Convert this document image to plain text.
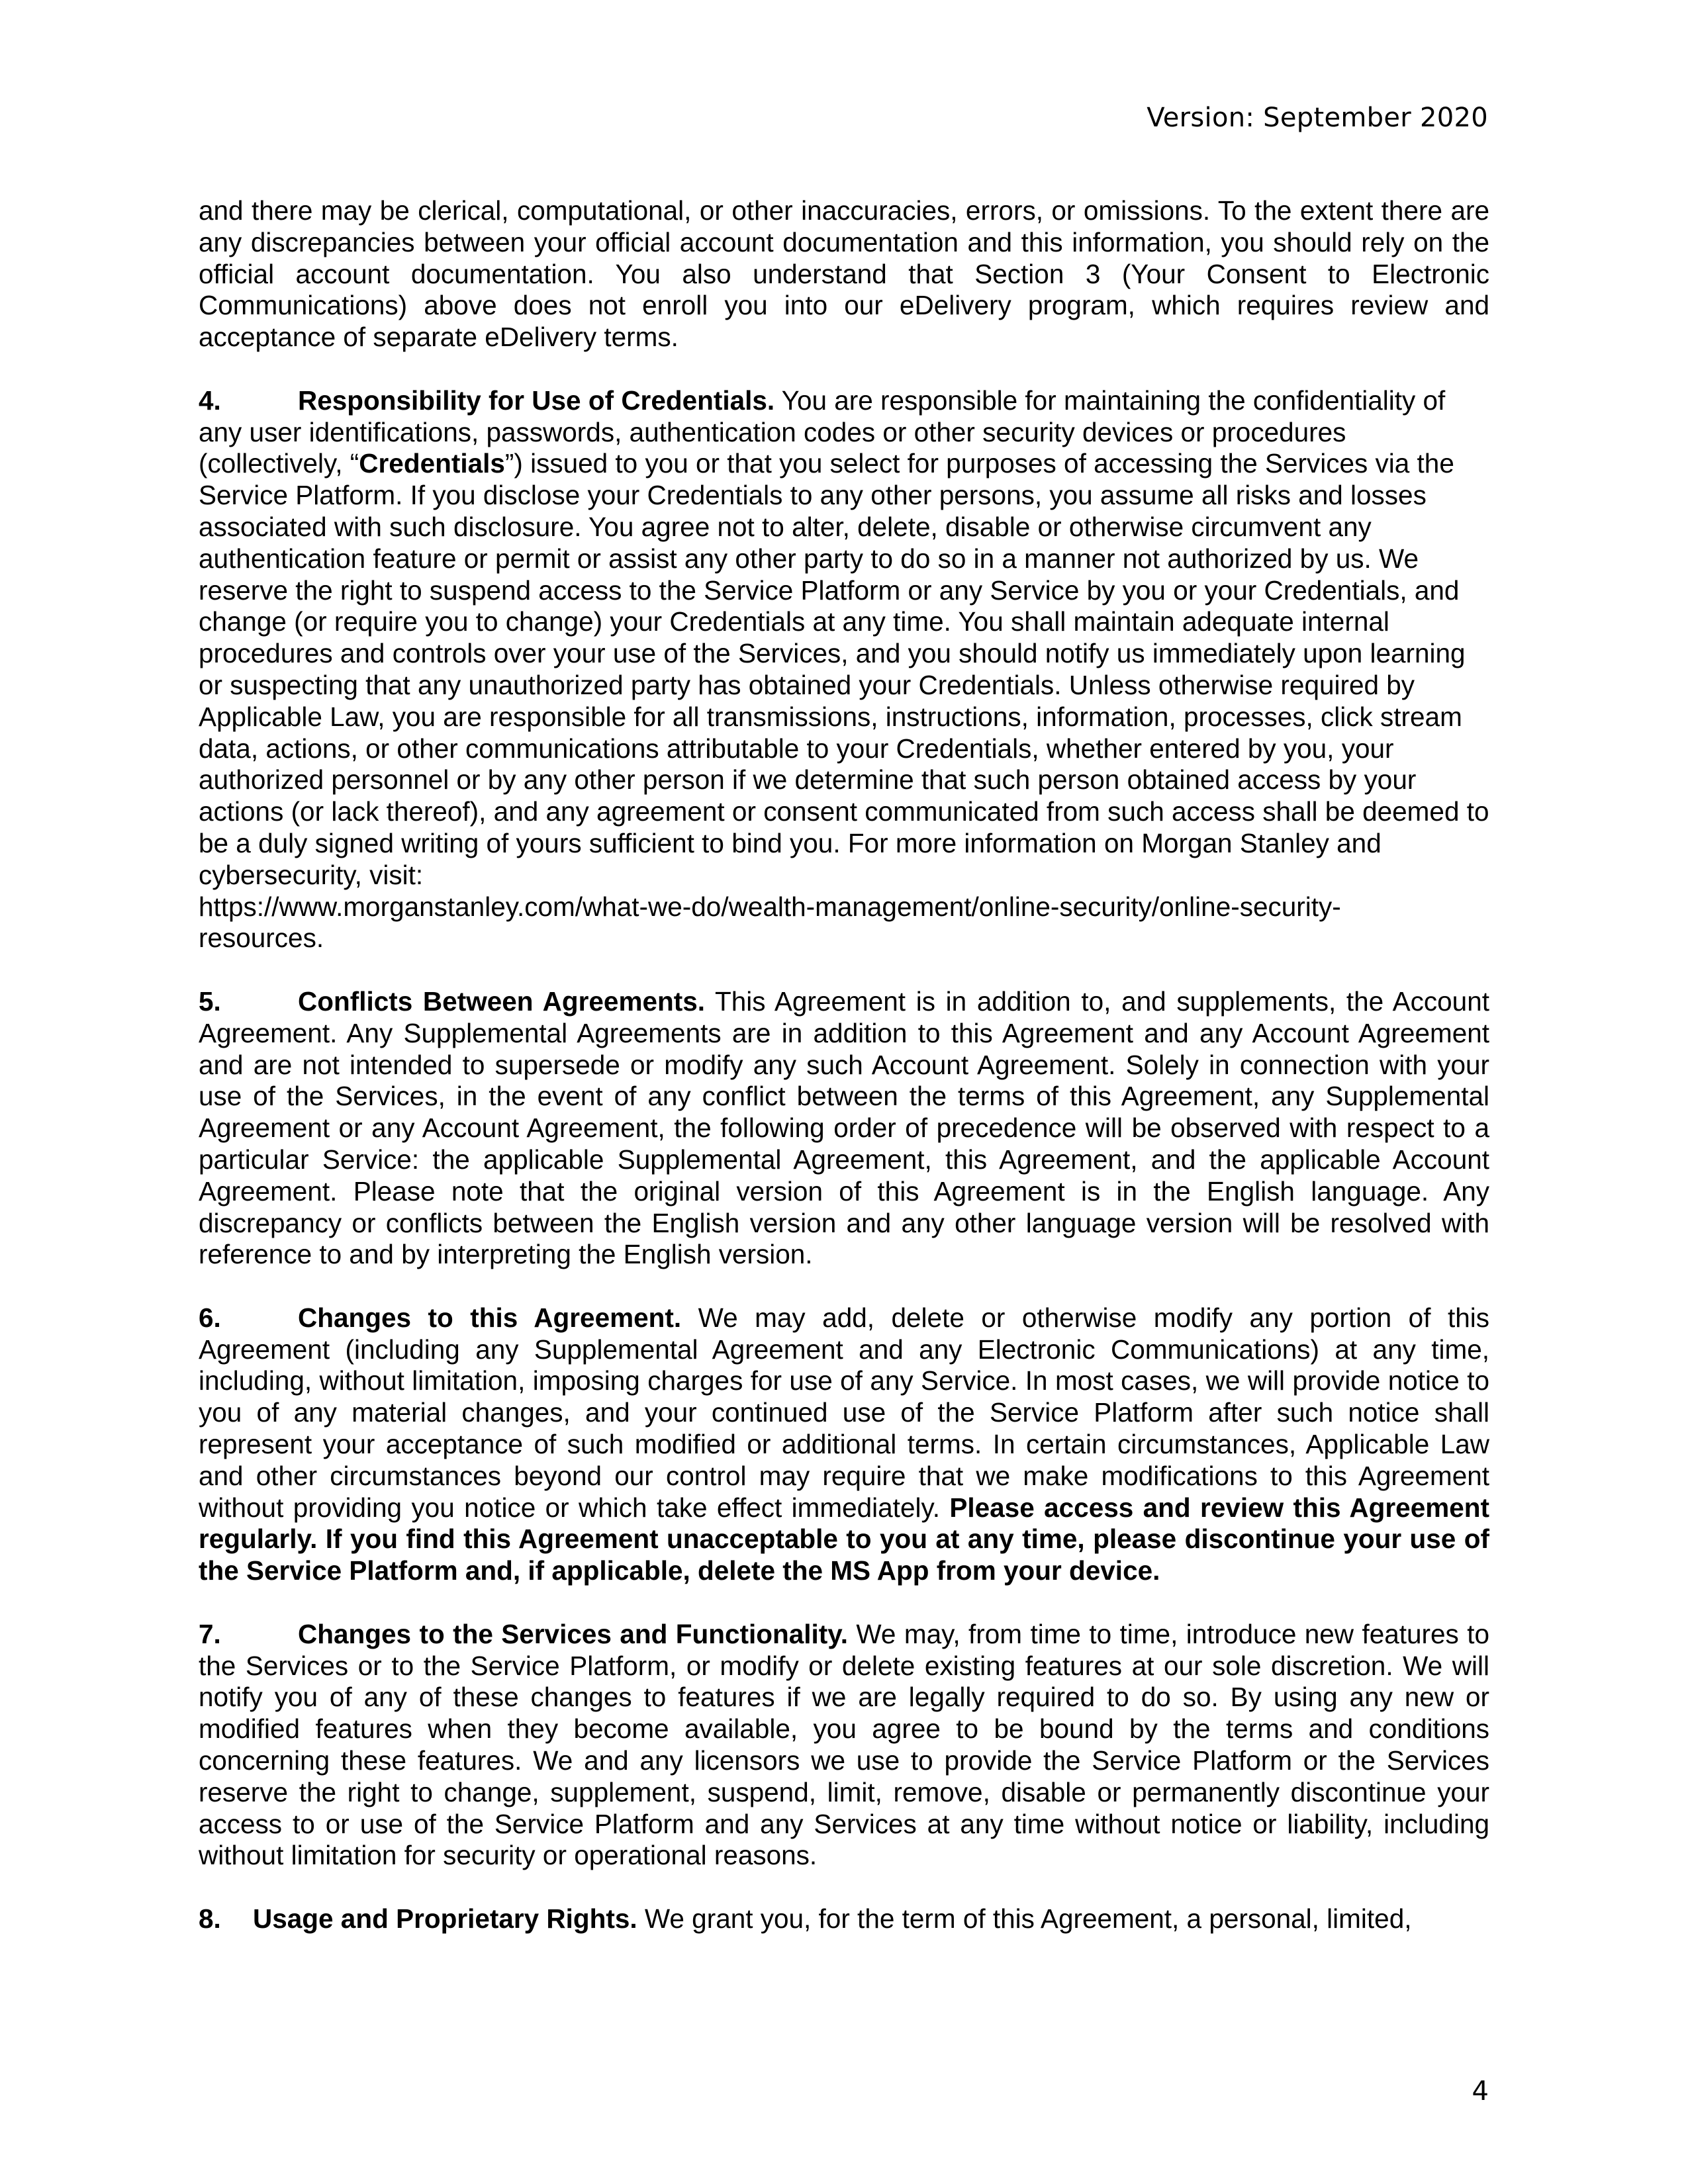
Version: September 2020

and there may be clerical, computational, or other inaccuracies, errors, or omissions. To the extent there are any discrepancies between your official account documentation and this information, you should rely on the official account documentation. You also understand that Section 3 (Your Consent to Electronic Communications) above does not enroll you into our eDelivery program, which requires review and acceptance of separate eDelivery terms.

4.	Responsibility for Use of Credentials. You are responsible for maintaining the confidentiality of any user identifications, passwords, authentication codes or other security devices or procedures (collectively, “Credentials”) issued to you or that you select for purposes of accessing the Services via the Service Platform. If you disclose your Credentials to any other persons, you assume all risks and losses associated with such disclosure. You agree not to alter, delete, disable or otherwise circumvent any authentication feature or permit or assist any other party to do so in a manner not authorized by us. We reserve the right to suspend access to the Service Platform or any Service by you or your Credentials, and change (or require you to change) your Credentials at any time. You shall maintain adequate internal procedures and controls over your use of the Services, and you should notify us immediately upon learning or suspecting that any unauthorized party has obtained your Credentials. Unless otherwise required by Applicable Law, you are responsible for all transmissions, instructions, information, processes, click stream data, actions, or other communications attributable to your Credentials, whether entered by you, your authorized personnel or by any other person if we determine that such person obtained access by your actions (or lack thereof), and any agreement or consent communicated from such access shall be deemed to be a duly signed writing of yours sufficient to bind you. For more information on Morgan Stanley and cybersecurity, visit:
https://www.morganstanley.com/what-we-do/wealth-management/online-security/online-security-
resources.

5.	Conflicts Between Agreements. This Agreement is in addition to, and supplements, the Account Agreement. Any Supplemental Agreements are in addition to this Agreement and any Account Agreement and are not intended to supersede or modify any such Account Agreement. Solely in connection with your use of the Services, in the event of any conflict between the terms of this Agreement, any Supplemental Agreement or any Account Agreement, the following order of precedence will be observed with respect to a particular Service: the applicable Supplemental Agreement, this Agreement, and the applicable Account Agreement. Please note that the original version of this Agreement is in the English language. Any discrepancy or conflicts between the English version and any other language version will be resolved with reference to and by interpreting the English version.

6.	Changes to this Agreement. We may add, delete or otherwise modify any portion of this Agreement (including any Supplemental Agreement and any Electronic Communications) at any time, including, without limitation, imposing charges for use of any Service. In most cases, we will provide notice to you of any material changes, and your continued use of the Service Platform after such notice shall represent your acceptance of such modified or additional terms. In certain circumstances, Applicable Law and other circumstances beyond our control may require that we make modifications to this Agreement without providing you notice or which take effect immediately. Please access and review this Agreement regularly. If you find this Agreement unacceptable to you at any time, please discontinue your use of the Service Platform and, if applicable, delete the MS App from your device.

7.	Changes to the Services and Functionality. We may, from time to time, introduce new features to the Services or to the Service Platform, or modify or delete existing features at our sole discretion. We will notify you of any of these changes to features if we are legally required to do so. By using any new or modified features when they become available, you agree to be bound by the terms and conditions concerning these features. We and any licensors we use to provide the Service Platform or the Services reserve the right to change, supplement, suspend, limit, remove, disable or permanently discontinue your access to or use of the Service Platform and any Services at any time without notice or liability, including without limitation for security or operational reasons.

8. Usage and Proprietary Rights. We grant you, for the term of this Agreement, a personal, limited,

4
